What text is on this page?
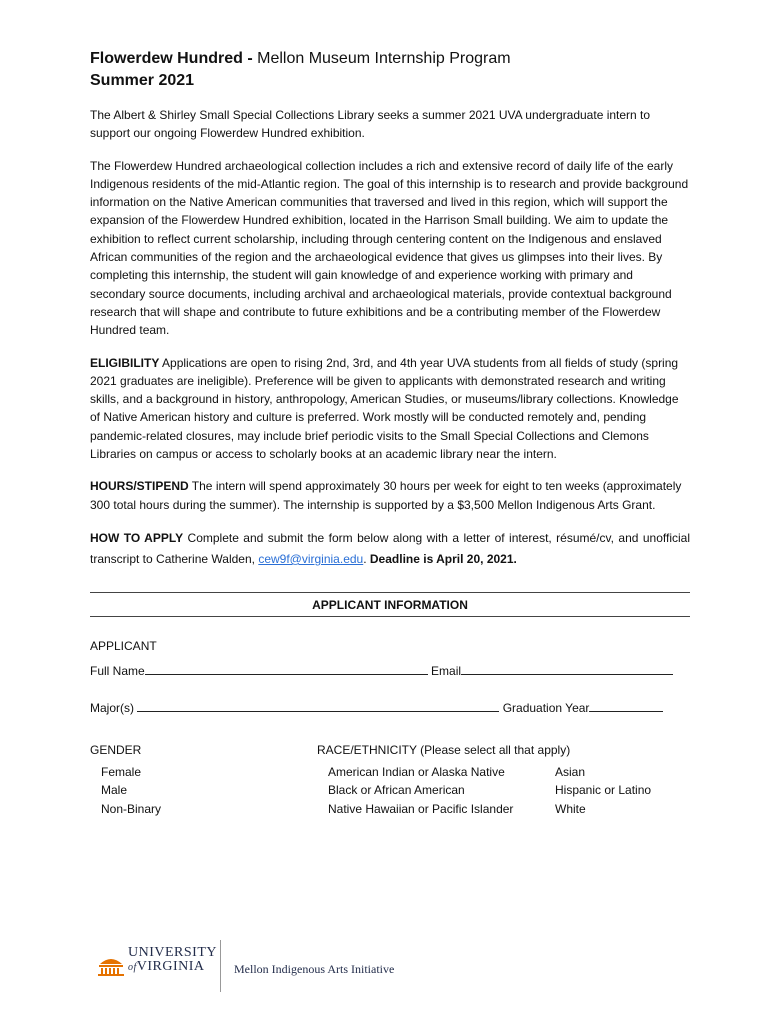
Flowerdew Hundred - Mellon Museum Internship Program
Summer 2021

The Albert & Shirley Small Special Collections Library seeks a summer 2021 UVA undergraduate intern to support our ongoing Flowerdew Hundred exhibition.

The Flowerdew Hundred archaeological collection includes a rich and extensive record of daily life of the early Indigenous residents of the mid-Atlantic region. The goal of this internship is to research and provide background information on the Native American communities that traversed and lived in this region, which will support the expansion of the Flowerdew Hundred exhibition, located in the Harrison Small building. We aim to update the exhibition to reflect current scholarship, including through centering content on the Indigenous and enslaved African communities of the region and the archaeological evidence that gives us glimpses into their lives. By completing this internship, the student will gain knowledge of and experience working with primary and secondary source documents, including archival and archaeological materials, provide contextual background research that will shape and contribute to future exhibitions and be a contributing member of the Flowerdew Hundred team.

ELIGIBILITY Applications are open to rising 2nd, 3rd, and 4th year UVA students from all fields of study (spring 2021 graduates are ineligible). Preference will be given to applicants with demonstrated research and writing skills, and a background in history, anthropology, American Studies, or museums/library collections. Knowledge of Native American history and culture is preferred. Work mostly will be conducted remotely and, pending pandemic-related closures, may include brief periodic visits to the Small Special Collections and Clemons Libraries on campus or access to scholarly books at an academic library near the intern.

HOURS/STIPEND The intern will spend approximately 30 hours per week for eight to ten weeks (approximately 300 total hours during the summer). The internship is supported by a $3,500 Mellon Indigenous Arts Grant.

HOW TO APPLY Complete and submit the form below along with a letter of interest, résumé/cv, and unofficial transcript to Catherine Walden, cew9f@virginia.edu. Deadline is April 20, 2021.

APPLICANT INFORMATION
APPLICANT
Full Name	Email
Major(s)	Graduation Year
GENDER
Female
Male
Non-Binary
RACE/ETHNICITY (Please select all that apply)
American Indian or Alaska Native
Black or African American
Native Hawaiian or Pacific Islander
Asian
Hispanic or Latino
White
UNIVERSITY
ofVIRGINIA	Mellon Indigenous Arts Initiative
